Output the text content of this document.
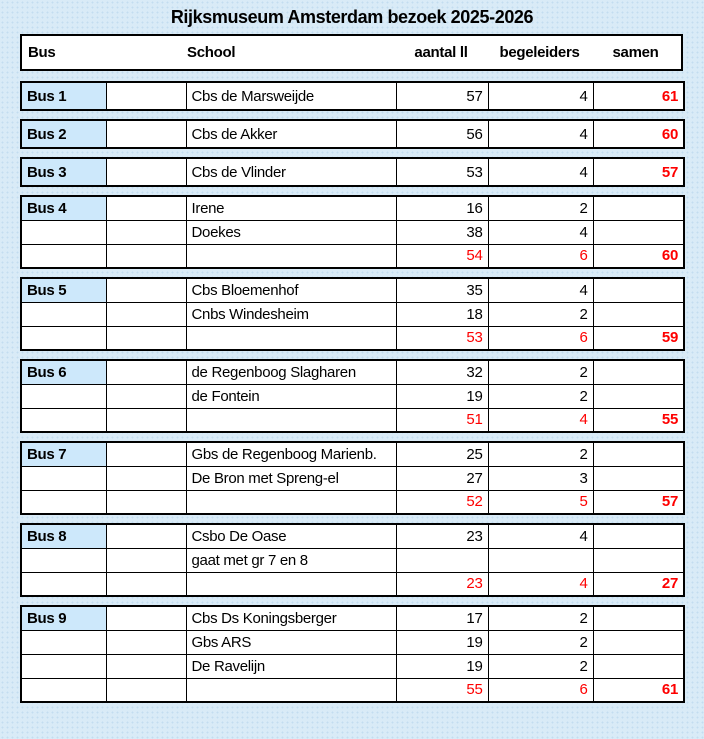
Rijksmuseum Amsterdam bezoek 2025-2026
Bus	School	aantal ll	begeleiders	samen
Bus 1		Cbs de Marsweijde	57	4	61
Bus 2		Cbs de Akker	56	4	60
Bus 3		Cbs de Vlinder	53	4	57
Bus 4		Irene	16	2	
		Doekes	38	4	
			54	6	60
Bus 5		Cbs Bloemenhof	35	4	
		Cnbs Windesheim	18	2	
			53	6	59
Bus 6		de Regenboog Slagharen	32	2	
		de Fontein	19	2	
			51	4	55
Bus 7		Gbs de Regenboog Marienb.	25	2	
		De Bron met Spreng-el	27	3	
			52	5	57
Bus 8		Csbo De Oase	23	4	
		gaat met gr 7 en 8			
			23	4	27
Bus 9		Cbs Ds Koningsberger	17	2	
		Gbs ARS	19	2	
		De Ravelijn	19	2	
			55	6	61
